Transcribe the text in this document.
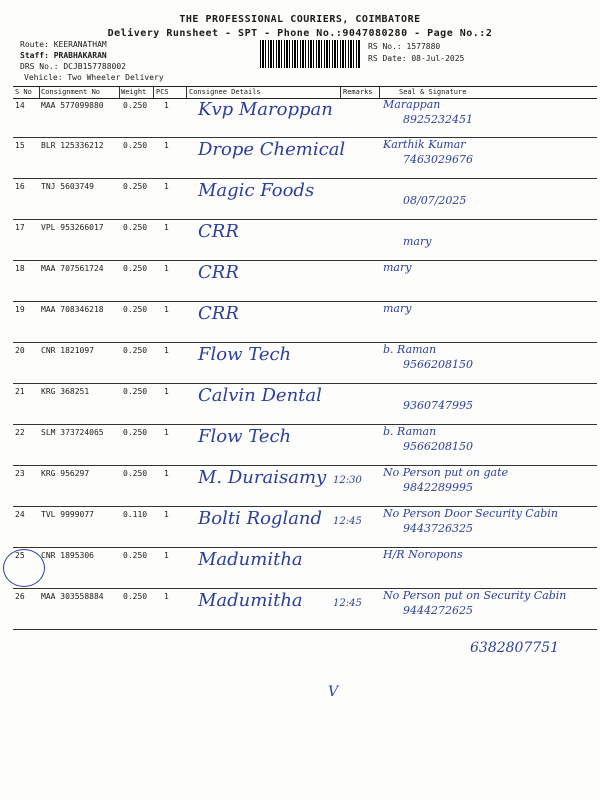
THE PROFESSIONAL COURIERS, COIMBATORE
Delivery Runsheet - SPT - Phone No.:9047080280 - Page No.:2
Route: KEERANATHAM
Staff: PRABHAKARAN
DRS No.: DCJB157788002
Vehicle: Two Wheeler Delivery
RS No.: 1577880
RS Date: 08-Jul-2025
S No Consignment No	Weight PCS	Consignee Details	Remarks	Seal & Signature
14 MAA 577099880 0.250 1 Kvp Maroppan	Marappan
8925232451
15 BLR 125336212 0.250 1 Drope Chemical	Karthik Kumar
7463029676
16 TNJ 5603749	0.250 1 Magic Foods	08/07/2025
17 VPL 953266017 0.250 1 CRR	mary
18 MAA 707561724 0.250 1 CRR	mary
19 MAA 708346218 0.250 1 CRR	mary
20 CNR 1821097	0.250 1 Flow Tech	b. Raman
9566208150
21 KRG 368251	0.250 1 Calvin Dental	9360747995
22 SLM 373724065 0.250 1 Flow Tech	b. Raman
9566208150
23 KRG 956297	0.250 1 M. Duraisamy 12:30
No Person put on gate
9842289995
24 TVL 9999077	0.110 1 Bolti Rogland 12:45
No Person Door Security Cabin
9443726325
25 CNR 1895306	0.250 1 Madumitha	H/R Noropons
26 MAA 303558884 0.250 1 Madumitha	12:45
No Person put on Security Cabin
9444272625
6382807751
V
